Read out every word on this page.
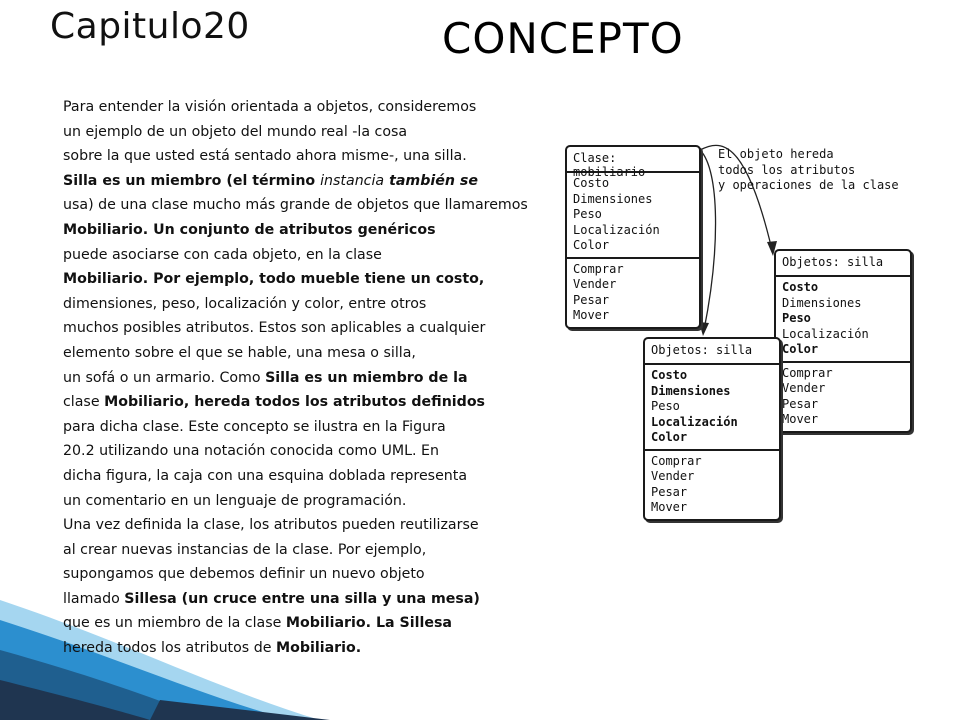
Capitulo20	CONCEPTO
Para entender la visión orientada a objetos, consideremos
un ejemplo de un objeto del mundo real -la cosa
sobre la que usted está sentado ahora misme-, una silla.
Silla es un miembro (el término instancia también se
usa) de una clase mucho más grande de objetos que llamaremos
Mobiliario. Un conjunto de atributos genéricos
puede asociarse con cada objeto, en la clase
Mobiliario. Por ejemplo, todo mueble tiene un costo,
dimensiones, peso, localización y color, entre otros
muchos posibles atributos. Estos son aplicables a cualquier
elemento sobre el que se hable, una mesa o silla,
un sofá o un armario. Como Silla es un miembro de la
clase Mobiliario, hereda todos los atributos definidos
para dicha clase. Este concepto se ilustra en la Figura
20.2 utilizando una notación conocida como UML. En
dicha figura, la caja con una esquina doblada representa
un comentario en un lenguaje de programación.
Una vez definida la clase, los atributos pueden reutilizarse
al crear nuevas instancias de la clase. Por ejemplo,
supongamos que debemos definir un nuevo objeto
llamado Sillesa (un cruce entre una silla y una mesa)
que es un miembro de la clase Mobiliario. La Sillesa
hereda todos los atributos de Mobiliario.
Clase: mobiliario
Costo
Dimensiones
Peso
Localización
Color
Comprar
Vender
Pesar
Mover
El objeto hereda
todos los atributos
y operaciones de la clase
Objetos: silla
Costo
Dimensiones
Peso
Localización
Color
Comprar
Vender
Pesar
Mover
Objetos: silla
Costo
Dimensiones
Peso
Localización
Color
Comprar
Vender
Pesar
Mover
